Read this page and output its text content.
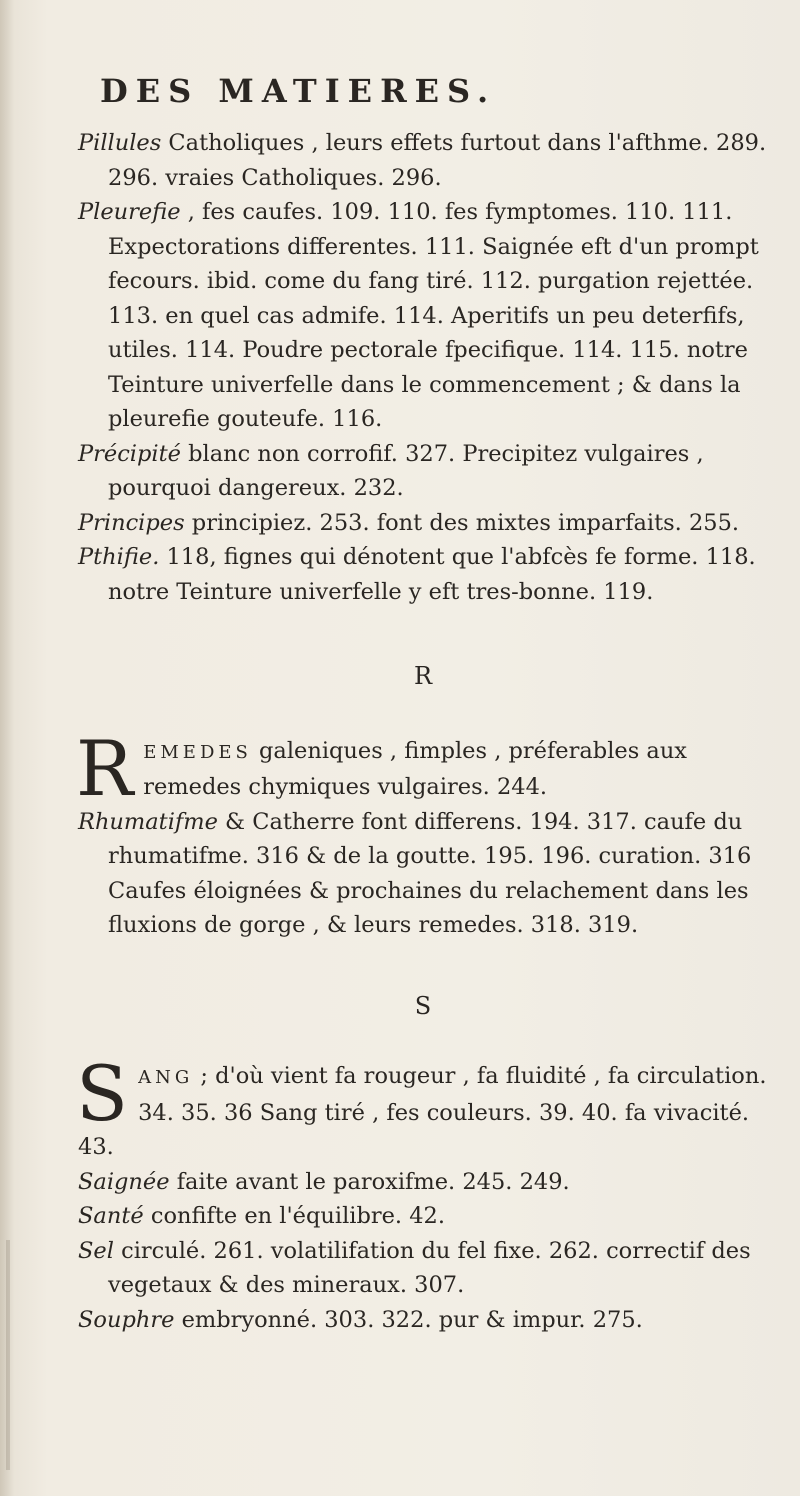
DES MATIERES.

Pillules Catholiques , leurs effets furtout dans l'afthme. 289. 296. vraies Catholiques. 296.

Pleurefie , fes caufes. 109. 110. fes fymptomes. 110. 111. Expectorations differentes. 111. Saignée eft d'un prompt fecours. ibid. come du fang tiré. 112. purgation rejettée. 113. en quel cas admife. 114. Aperitifs un peu deterfifs, utiles. 114. Poudre pectorale fpecifique. 114. 115. notre Teinture univerfelle dans le commencement ; & dans la pleurefie gouteufe. 116.

Précipité blanc non corrofif. 327. Precipitez vulgaires , pourquoi dangereux. 232.

Principes principiez. 253. font des mixtes imparfaits. 255.

Pthifie. 118, fignes qui dénotent que l'abfcès fe forme. 118. notre Teinture univerfelle y eft tres-bonne. 119.

R

R EMEDES galeniques , fimples , préferables aux remedes chymiques vulgaires. 244.

Rhumatifme & Catherre font differens. 194. 317. caufe du rhumatifme. 316 & de la goutte. 195. 196. curation. 316 Caufes éloignées & prochaines du relachement dans les fluxions de gorge , & leurs remedes. 318. 319.

S

S ANG ; d'où vient fa rougeur , fa fluidité , fa circulation. 34. 35. 36 Sang tiré , fes couleurs. 39. 40. fa vivacité. 43.

Saignée faite avant le paroxifme. 245. 249.

Santé confifte en l'équilibre. 42.

Sel circulé. 261. volatilifation du fel fixe. 262. correctif des vegetaux & des mineraux. 307.

Souphre embryonné. 303. 322. pur & impur. 275.
